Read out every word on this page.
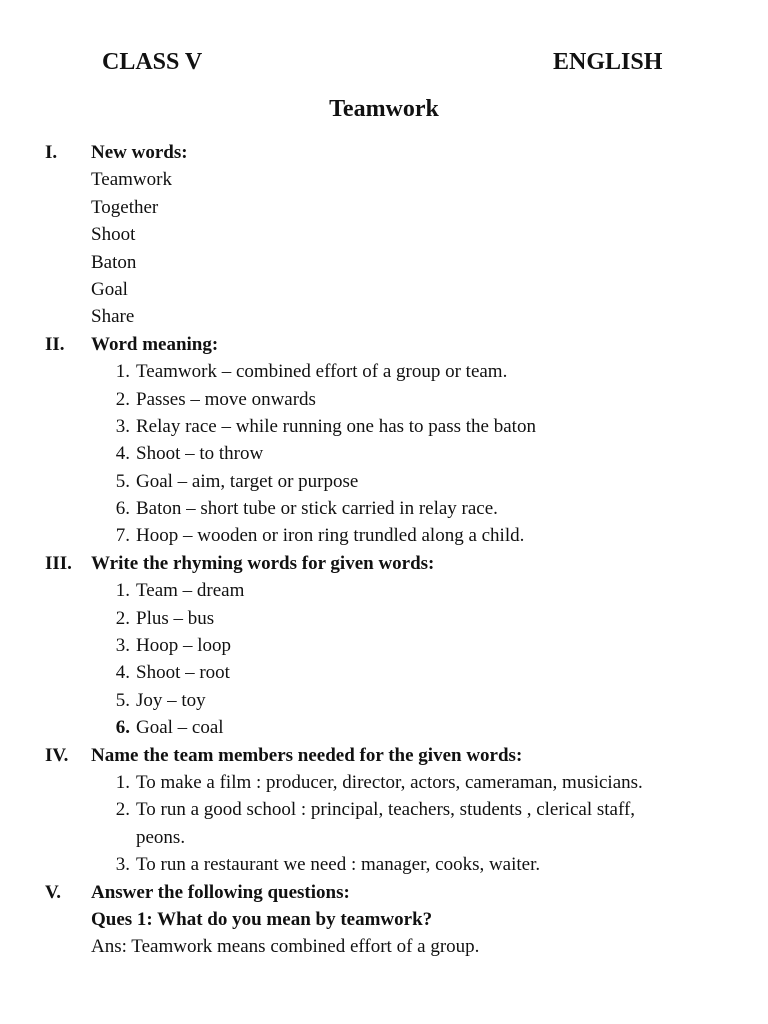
CLASS V	ENGLISH
Teamwork
I. New words:
Teamwork
Together
Shoot
Baton
Goal
Share
II. Word meaning:
1. Teamwork – combined effort of a group or team.
2. Passes – move onwards
3. Relay race – while running one has to pass the baton
4. Shoot – to throw
5. Goal – aim, target or purpose
6. Baton – short tube or stick carried in relay race.
7. Hoop – wooden or iron ring trundled along a child.
III. Write the rhyming words for given words:
1. Team – dream
2. Plus – bus
3. Hoop – loop
4. Shoot – root
5. Joy – toy
6. Goal – coal
IV. Name the team members needed for the given words:
1. To make a film : producer, director, actors, cameraman, musicians.
2. To run a good school : principal, teachers, students , clerical staff,
peons.
3. To run a restaurant we need : manager, cooks, waiter.
V. Answer the following questions:
Ques 1: What do you mean by teamwork?
Ans: Teamwork means combined effort of a group.
